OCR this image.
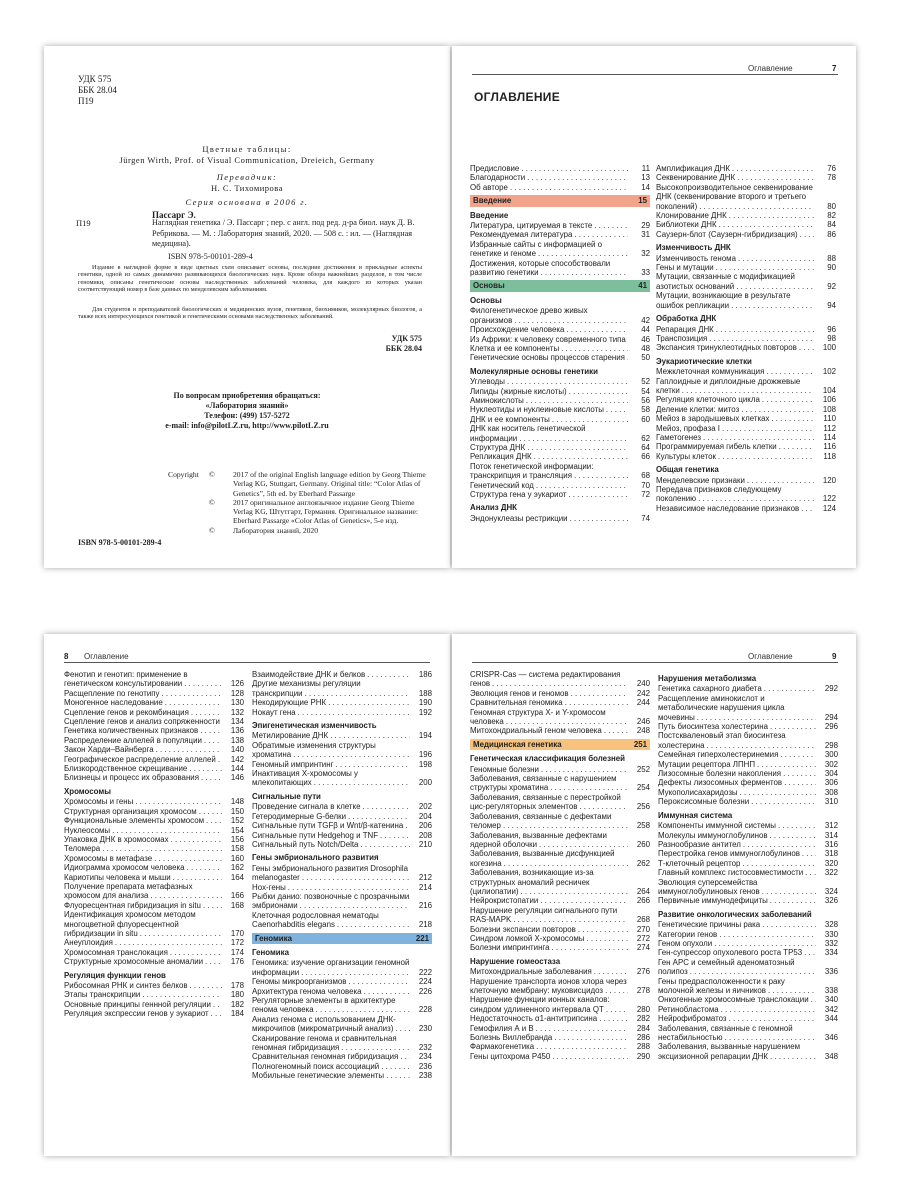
УДК 575
ББК 28.04
П19
Цветные таблицы:
Jürgen Wirth, Prof. of Visual Communication, Dreieich, Germany
Переводчик:
Н. С. Тихомирова
Серия основана в 2006 г.
Пассарг Э.
П19	Наглядная генетика / Э. Пассарг ; пер. с англ. под ред. д-ра биол. наук Д. В. Ребрикова. — М. : Лаборатория знаний, 2020. — 508 с. : ил. — (Наглядная медицина).
ISBN 978-5-00101-289-4
Издание в наглядной форме в виде цветных схем описывает основы, последние достижения и прикладные аспекты генетики, одной из самых динамично развивающихся биологических наук. Кроме обзора важнейших разделов, в том числе геномики, описаны генетические основы наследственных заболеваний человека, для каждого из которых указан соответствующий номер в базе данных по менделевским заболеваниям.
Для студентов и преподавателей биологических и медицинских вузов, генетиков, биохимиков, молекулярных биологов, а также всех интересующихся генетикой и генетическими основами наследственных заболеваний.
УДК 575
ББК 28.04
По вопросам приобретения обращаться:
«Лаборатория знаний»
Телефон: (499) 157-5272
e-mail: info@pilotLZ.ru, http://www.pilotLZ.ru
Copyright ©	2017 of the original English language edition by Georg Thieme Verlag KG, Stuttgart, Germany. Original title: “Color Atlas of Genetics”, 5th ed. by Eberhard Passarge
©	2017 оригинальное англоязычное издание Georg Thieme Verlag KG, Штутгарт, Германия. Оригинальное название: Eberhard Passarge «Color Atlas of Genetics», 5-е изд.
©	Лаборатория знаний, 2020
ISBN 978-5-00101-289-4
Оглавление	7
ОГЛАВЛЕНИЕ
Предисловие . . .	11
Благодарности . . .	13
Об авторе . . .	14
Введение	15
Введение
Литература, цитируемая в тексте . . .	29
Рекомендуемая литература . . .	31
Избранные сайты с информацией о генетике и геноме . . .	32
Достижения, которые способствовали развитию генетики . . .	33
Основы	41
Основы
Филогенетическое древо живых организмов . . .	42
Происхождение человека . . .	44
Из Африки: к человеку современного типа . . .	46
Клетка и ее компоненты . . .	48
Генетические основы процессов старения . . .	50
Молекулярные основы генетики
Углеводы . . .	52
Липиды (жирные кислоты) . . .	54
Аминокислоты . . .	56
Нуклеотиды и нуклеиновые кислоты . . .	58
ДНК и ее компоненты . . .	60
ДНК как носитель генетической информации . . .	62
Структура ДНК . . .	64
Репликация ДНК . . .	66
Поток генетической информации: транскрипция и трансляция . . .	68
Генетический код . . .	70
Структура гена у эукариот . . .	72
Анализ ДНК
Эндонуклеазы рестрикции . . .	74
Амплификация ДНК . . .	76
Секвенирование ДНК . . .	78
Высокопроизводительное секвенирование ДНК (секвенирование второго и третьего поколений) . . .	80
Клонирование ДНК . . .	82
Библиотеки ДНК . . .	84
Саузерн-блот (Саузерн-гибридизация) . . .	86
Изменчивость ДНК
Изменчивость генома . . .	88
Гены и мутации . . .	90
Мутации, связанные с модификацией азотистых оснований . . .	92
Мутации, возникающие в результате ошибок репликации . . .	94
Обработка ДНК
Репарация ДНК . . .	96
Транспозиция . . .	98
Экспансия тринуклеотидных повторов . . .	100
Эукариотические клетки
Межклеточная коммуникация . . .	102
Гаплоидные и диплоидные дрожжевые клетки . . .	104
Регуляция клеточного цикла . . .	106
Деление клетки: митоз . . .	108
Мейоз в зародышевых клетках . . .	110
Мейоз, профаза I . . .	112
Гаметогенез . . .	114
Программируемая гибель клетки . . .	116
Культуры клеток . . .	118
Общая генетика
Менделевские признаки . . .	120
Передача признаков следующему поколению . . .	122
Независимое наследование признаков . . .	124
8 Оглавление
Фенотип и генотип: применение в генетическом консультировании . . .	126
Расщепление по генотипу . . .	128
Моногенное наследование . . .	130
Сцепление генов и рекомбинация . . .	132
Сцепление генов и анализ сопряженности . . .	134
Генетика количественных признаков . . .	136
Распределение аллелей в популяции . . .	138
Закон Харди–Вайнберга . . .	140
Географическое распределение аллелей . . .	142
Близкородственное скрещивание . . .	144
Близнецы и процесс их образования . . .	146
Хромосомы
Хромосомы и гены . . .	148
Структурная организация хромосом . . .	150
Функциональные элементы хромосом . . .	152
Нуклеосомы . . .	154
Упаковка ДНК в хромосомах . . .	156
Теломера . . .	158
Хромосомы в метафазе . . .	160
Идиограмма хромосом человека . . .	162
Кариотипы человека и мыши . . .	164
Получение препарата метафазных хромосом для анализа . . .	166
Флуоресцентная гибридизация in situ . . .	168
Идентификация хромосом методом многоцветной флуоресцентной гибридизации in situ . . .	170
Анеуплоидия . . .	172
Хромосомная транслокация . . .	174
Структурные хромосомные аномалии . . .	176
Регуляция функции генов
Рибосомная РНК и синтез белков . . .	178
Этапы транскрипции . . .	180
Основные принципы геннной регуляции . . .	182
Регуляция экспрессии генов у эукариот . . .	184
Взаимодействие ДНК и белков . . .	186
Другие механизмы регуляции транскрипции . . .	188
Некодирующие РНК . . .	190
Нокаут гена . . .	192
Эпигенетическая изменчивость
Метилирование ДНК . . .	194
Обратимые изменения структуры хроматина . . .	196
Геномный импринтинг . . .	198
Инактивация Х-хромосомы у млекопитающих . . .	200
Сигнальные пути
Проведение сигнала в клетке . . .	202
Гетеродимерные G-белки . . .	204
Сигнальные пути TGFβ и Wnt/β-катенина . . .	206
Сигнальные пути Hedgehog и TNF . . .	208
Сигнальный путь Notch/Delta . . .	210
Гены эмбрионального развития
Гены эмбрионального развития Drosophila melanogaster . . .	212
Hox-гены . . .	214
Рыбки данио: позвоночные с прозрачными эмбрионами . . .	216
Клеточная родословная нематоды Caenorhabditis elegans . . .	218
Геномика	221
Геномика
Геномика: изучение организации геномной информации . . .	222
Геномы микроорганизмов . . .	224
Архитектура генома человека . . .	226
Регуляторные элементы в архитектуре генома человека . . .	228
Анализ генома с использованием ДНК-микрочипов (микроматричный анализ) . . .	230
Сканирование генома и сравнительная геномная гибридизация . . .	232
Сравнительная геномная гибридизация . . .	234
Полногеномный поиск ассоциаций . . .	236
Мобильные генетические элементы . . .	238
Оглавление	9
CRISPR-Cas — система редактирования генов . . .	240
Эволюция генов и геномов . . .	242
Сравнительная геномика . . .	244
Геномная структура X- и Y-хромосом человека . . .	246
Митохондриальный геном человека . . .	248
Медицинская генетика	251
Генетическая классификация болезней
Геномные болезни . . .	252
Заболевания, связанные с нарушением структуры хроматина . . .	254
Заболевания, связанные с перестройкой цис-регуляторных элементов . . .	256
Заболевания, связанные с дефектами теломер . . .	258
Заболевания, вызванные дефектами ядерной оболочки . . .	260
Заболевания, вызванные дисфункцией когезина . . .	262
Заболевания, возникающие из-за структурных аномалий ресничек (цилиопатии) . . .	264
Нейрокристопатии . . .	266
Нарушение регуляции сигнального пути RAS-MAPK . . .	268
Болезни экспансии повторов . . .	270
Синдром ломкой Х-хромосомы . . .	272
Болезни импринтинга . . .	274
Нарушение гомеостаза
Митохондриальные заболевания . . .	276
Нарушение транспорта ионов хлора через клеточную мембрану: муковисцидоз . . .	278
Нарушение функции ионных каналов: синдром удлиненного интервала QT . . .	280
Недостаточность α1-антитрипсина . . .	282
Гемофилия А и В . . .	284
Болезнь Виллебранда . . .	286
Фармакогенетика . . .	288
Гены цитохрома P450 . . .	290
Нарушения метаболизма
Генетика сахарного диабета . . .	292
Расщепление аминокислот и метаболические нарушения цикла мочевины . . .	294
Путь биосинтеза холестерина . . .	296
Постскваленовый этап биосинтеза холестерина . . .	298
Семейная гиперхолестеринемия . . .	300
Мутации рецептора ЛПНП . . .	302
Лизосомные болезни накопления . . .	304
Дефекты лизосомных ферментов . . .	306
Мукополисахаридозы . . .	308
Пероксисомные болезни . . .	310
Иммунная система
Компоненты иммунной системы . . .	312
Молекулы иммуноглобулинов . . .	314
Разнообразие антител . . .	316
Перестройка генов иммуноглобулинов . . .	318
Т-клеточный рецептор . . .	320
Главный комплекс гистосовместимости . . .	322
Эволюция суперсемейства иммуноглобулиновых генов . . .	324
Первичные иммунодефициты . . .	326
Развитие онкологических заболеваний
Генетические причины рака . . .	328
Категории генов . . .	330
Геном опухоли . . .	332
Ген-супрессор опухолевого роста TP53 . . .	334
Ген APC и семейный аденоматозный полипоз . . .	336
Гены предрасположенности к раку молочной железы и яичников . . .	338
Онкогенные хромосомные транслокации . . .	340
Ретинобластома . . .	342
Нейрофиброматоз . . .	344
Заболевания, связанные с геномной нестабильностью . . .	346
Заболевания, вызванные нарушением эксцизионной репарации ДНК . . .	348
